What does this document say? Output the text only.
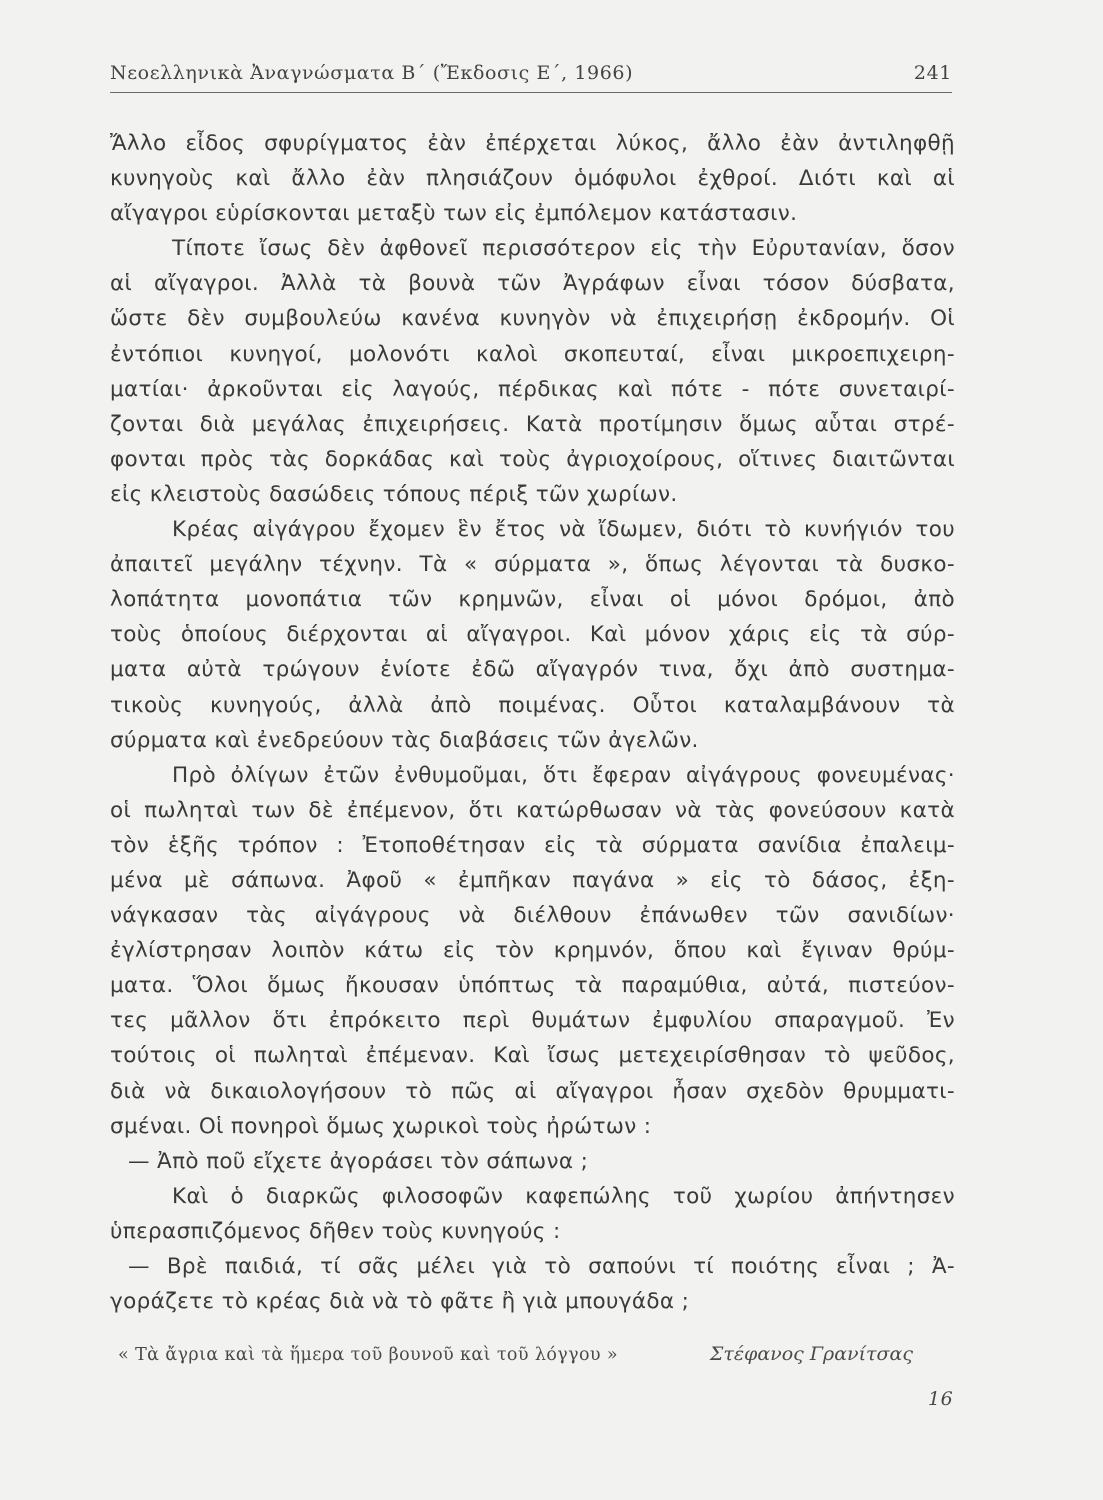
Νεοελληνικὰ Ἀναγνώσματα Β΄ (Ἔκδοσις Ε΄, 1966)	241
Ἄλλο εἶδος σφυρίγματος ἐὰν ἐπέρχεται λύκος, ἄλλο ἐὰν ἀντιληφθῇ
κυνηγοὺς καὶ ἄλλο ἐὰν πλησιάζουν ὁμόφυλοι ἐχθροί. Διότι καὶ αἱ
αἴγαγροι εὑρίσκονται μεταξὺ των εἰς ἐμπόλεμον κατάστασιν.
Τίποτε ἴσως δὲν ἀφθονεῖ περισσότερον εἰς τὴν Εὐρυτανίαν, ὅσον
αἱ αἴγαγροι. Ἀλλὰ τὰ βουνὰ τῶν Ἀγράφων εἶναι τόσον δύσβατα,
ὥστε δὲν συμβουλεύω κανένα κυνηγὸν νὰ ἐπιχειρήσῃ ἐκδρομήν. Οἱ
ἐντόπιοι κυνηγοί, μολονότι καλοὶ σκοπευταί, εἶναι μικροεπιχειρη-
ματίαι· ἀρκοῦνται εἰς λαγούς, πέρδικας καὶ πότε - πότε συνεταιρί-
ζονται διὰ μεγάλας ἐπιχειρήσεις. Κατὰ προτίμησιν ὅμως αὗται στρέ-
φονται πρὸς τὰς δορκάδας καὶ τοὺς ἀγριοχοίρους, οἵτινες διαιτῶνται
εἰς κλειστοὺς δασώδεις τόπους πέριξ τῶν χωρίων.
Κρέας αἰγάγρου ἔχομεν ἓν ἔτος νὰ ἴδωμεν, διότι τὸ κυνήγιόν του
ἀπαιτεῖ μεγάλην τέχνην. Τὰ « σύρματα », ὅπως λέγονται τὰ δυσκο-
λοπάτητα μονοπάτια τῶν κρημνῶν, εἶναι οἱ μόνοι δρόμοι, ἀπὸ
τοὺς ὁποίους διέρχονται αἱ αἴγαγροι. Καὶ μόνον χάρις εἰς τὰ σύρ-
ματα αὐτὰ τρώγουν ἐνίοτε ἐδῶ αἴγαγρόν τινα, ὄχι ἀπὸ συστημα-
τικοὺς κυνηγούς, ἀλλὰ ἀπὸ ποιμένας. Οὗτοι καταλαμβάνουν τὰ
σύρματα καὶ ἐνεδρεύουν τὰς διαβάσεις τῶν ἀγελῶν.
Πρὸ ὀλίγων ἐτῶν ἐνθυμοῦμαι, ὅτι ἔφεραν αἰγάγρους φονευμένας·
οἱ πωληταὶ των δὲ ἐπέμενον, ὅτι κατώρθωσαν νὰ τὰς φονεύσουν κατὰ
τὸν ἑξῆς τρόπον : Ἐτοποθέτησαν εἰς τὰ σύρματα σανίδια ἐπαλειμ-
μένα μὲ σάπωνα. Ἀφοῦ « ἐμπῆκαν παγάνα » εἰς τὸ δάσος, ἐξη-
νάγκασαν τὰς αἰγάγρους νὰ διέλθουν ἐπάνωθεν τῶν σανιδίων·
ἐγλίστρησαν λοιπὸν κάτω εἰς τὸν κρημνόν, ὅπου καὶ ἔγιναν θρύμ-
ματα. Ὅλοι ὅμως ἤκουσαν ὑπόπτως τὰ παραμύθια, αὐτά, πιστεύον-
τες μᾶλλον ὅτι ἐπρόκειτο περὶ θυμάτων ἐμφυλίου σπαραγμοῦ. Ἐν
τούτοις οἱ πωληταὶ ἐπέμεναν. Καὶ ἴσως μετεχειρίσθησαν τὸ ψεῦδος,
διὰ νὰ δικαιολογήσουν τὸ πῶς αἱ αἴγαγροι ἦσαν σχεδὸν θρυμματι-
σμέναι. Οἱ πονηροὶ ὅμως χωρικοὶ τοὺς ἠρώτων :
— Ἀπὸ ποῦ εἴχετε ἀγοράσει τὸν σάπωνα ;
Καὶ ὁ διαρκῶς φιλοσοφῶν καφεπώλης τοῦ χωρίου ἀπήντησεν
ὑπερασπιζόμενος δῆθεν τοὺς κυνηγούς :
— Βρὲ παιδιά, τί σᾶς μέλει γιὰ τὸ σαπούνι τί ποιότης εἶναι ; Ἀ-
γοράζετε τὸ κρέας διὰ νὰ τὸ φᾶτε ἢ γιὰ μπουγάδα ;
« Τὰ ἄγρια καὶ τὰ ἥμερα τοῦ βουνοῦ καὶ τοῦ λόγγου »	Στέφανος Γρανίτσας
16
